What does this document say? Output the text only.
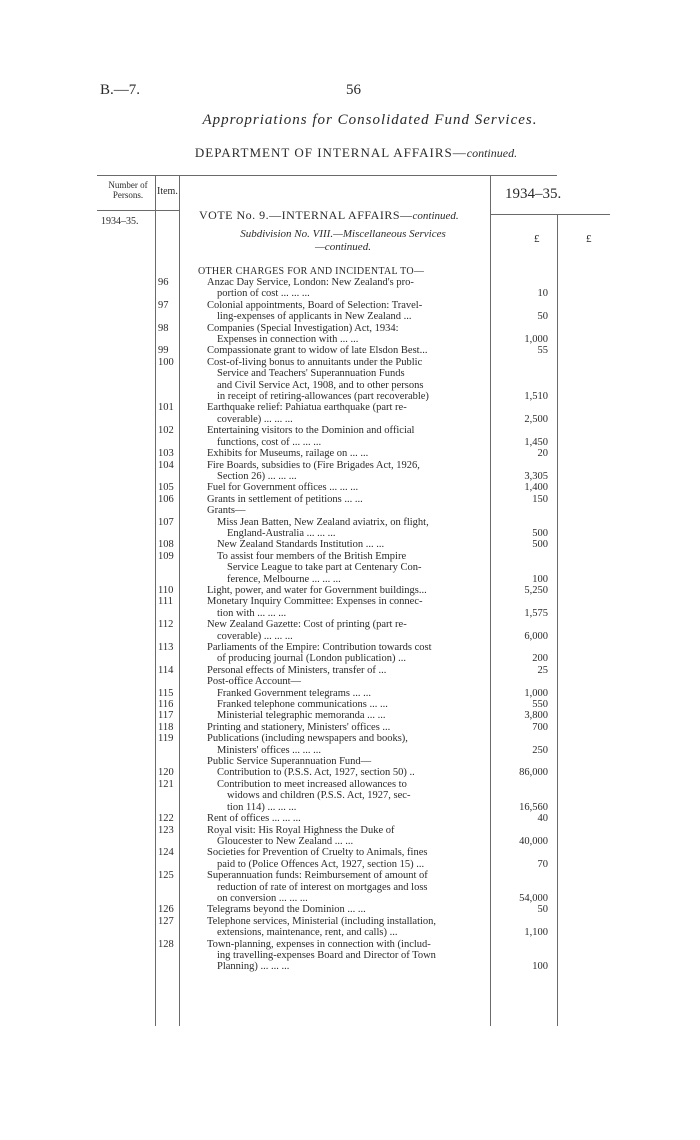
B.—7.	56
Appropriations for Consolidated Fund Services.
DEPARTMENT OF INTERNAL AFFAIRS—continued.
Number of Persons.	Item.	1934–35.
1934–35.	VOTE No. 9.—INTERNAL AFFAIRS—continued.
Subdivision No. VIII.—Miscellaneous Services
—continued.
£	£
OTHER CHARGES FOR AND INCIDENTAL TO—
96	Anzac Day Service, London: New Zealand's pro-
portion of cost ... ... ...	10
97	Colonial appointments, Board of Selection: Travel-
ling-expenses of applicants in New Zealand ...	50
98	Companies (Special Investigation) Act, 1934:
Expenses in connection with ... ...	1,000
99	Compassionate grant to widow of late Elsdon Best...	55
100	Cost-of-living bonus to annuitants under the Public
Service and Teachers' Superannuation Funds
and Civil Service Act, 1908, and to other persons
in receipt of retiring-allowances (part recoverable)	1,510
101	Earthquake relief: Pahiatua earthquake (part re-
coverable) ... ... ...	2,500
102	Entertaining visitors to the Dominion and official
functions, cost of ... ... ...	1,450
103	Exhibits for Museums, railage on ... ...	20
104	Fire Boards, subsidies to (Fire Brigades Act, 1926,
Section 26) ... ... ...	3,305
105	Fuel for Government offices ... ... ...	1,400
106	Grants in settlement of petitions ... ...	150
Grants—
107	Miss Jean Batten, New Zealand aviatrix, on flight,
England-Australia ... ... ...	500
108	New Zealand Standards Institution ... ...	500
109	To assist four members of the British Empire
Service League to take part at Centenary Con-
ference, Melbourne ... ... ...	100
110	Light, power, and water for Government buildings...	5,250
111	Monetary Inquiry Committee: Expenses in connec-
tion with ... ... ...	1,575
112	New Zealand Gazette: Cost of printing (part re-
coverable) ... ... ...	6,000
113	Parliaments of the Empire: Contribution towards cost
of producing journal (London publication) ...	200
114	Personal effects of Ministers, transfer of ...	25
Post-office Account—
115	Franked Government telegrams ... ...	1,000
116	Franked telephone communications ... ...	550
117	Ministerial telegraphic memoranda ... ...	3,800
118	Printing and stationery, Ministers' offices ...	700
119	Publications (including newspapers and books),
Ministers' offices ... ... ...	250
Public Service Superannuation Fund—
120	Contribution to (P.S.S. Act, 1927, section 50) ..	86,000
121	Contribution to meet increased allowances to
widows and children (P.S.S. Act, 1927, sec-
tion 114) ... ... ...	16,560
122	Rent of offices ... ... ...	40
123	Royal visit: His Royal Highness the Duke of
Gloucester to New Zealand ... ...	40,000
124	Societies for Prevention of Cruelty to Animals, fines
paid to (Police Offences Act, 1927, section 15) ...	70
125	Superannuation funds: Reimbursement of amount of
reduction of rate of interest on mortgages and loss
on conversion ... ... ...	54,000
126	Telegrams beyond the Dominion ... ...	50
127	Telephone services, Ministerial (including installation,
extensions, maintenance, rent, and calls) ...	1,100
128	Town-planning, expenses in connection with (includ-
ing travelling-expenses Board and Director of Town
Planning) ... ... ...	100
